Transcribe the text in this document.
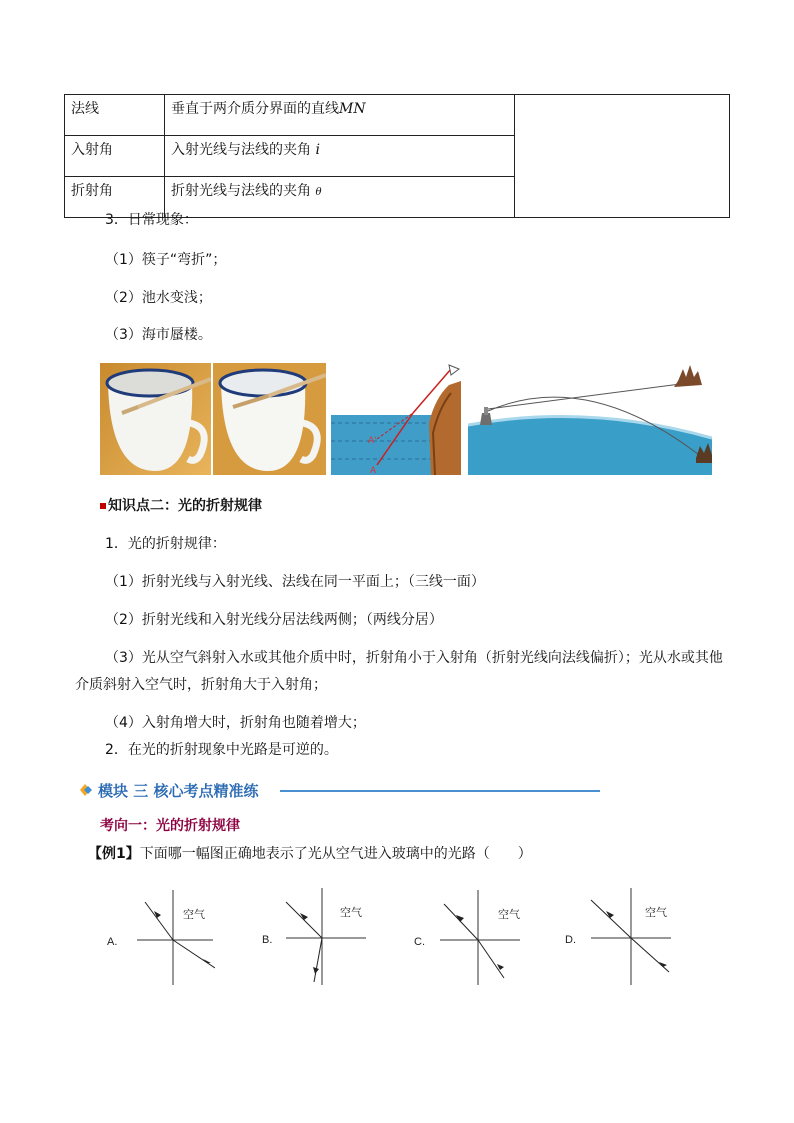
法线	垂直于两介质分界面的直线MN	
入射角	入射光线与法线的夹角 i	
折射角	折射光线与法线的夹角 θ	
3．日常现象：
（1）筷子“弯折”；
（2）池水变浅；
（3）海市蜃楼。
A'
A
知识点二：光的折射规律
1．光的折射规律：
（1）折射光线与入射光线、法线在同一平面上；（三线一面）
（2）折射光线和入射光线分居法线两侧；（两线分居）
（3）光从空气斜射入水或其他介质中时，折射角小于入射角（折射光线向法线偏折）；光从水或其他
介质斜射入空气时，折射角大于入射角；
（4）入射角增大时，折射角也随着增大；
2．在光的折射现象中光路是可逆的。
模块 三 核心考点精准练
考向一：光的折射规律
【例1】下面哪一幅图正确地表示了光从空气进入玻璃中的光路（　　）
A.
空气
B.
空气
C.
空气
D.
空气
